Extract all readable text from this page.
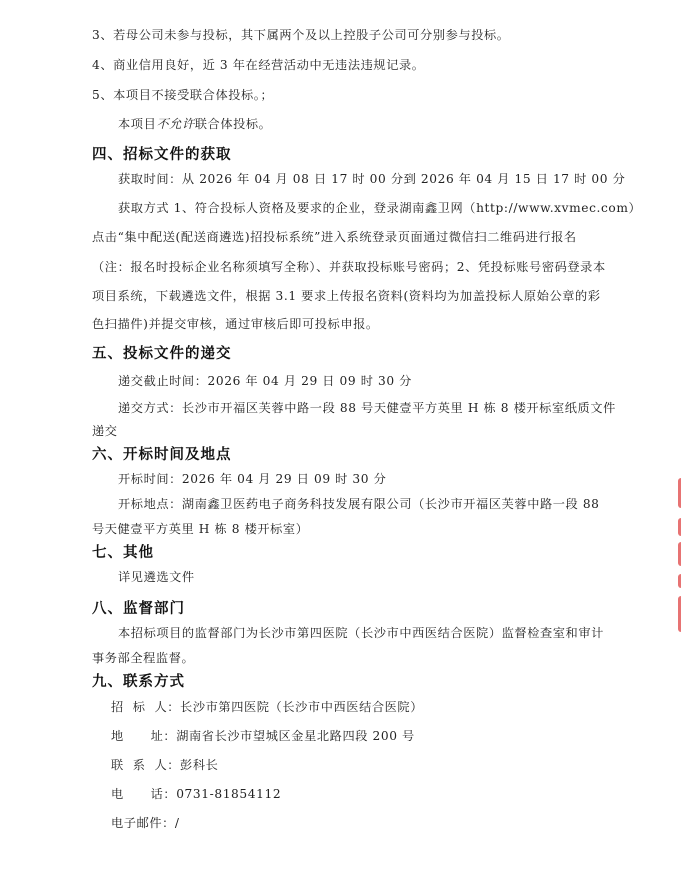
3、若母公司未参与投标，其下属两个及以上控股子公司可分别参与投标。
4、商业信用良好，近 3 年在经营活动中无违法违规记录。
5、本项目不接受联合体投标。；
本项目不允许联合体投标。
四、招标文件的获取
获取时间：从 2026 年 04 月 08 日 17 时 00 分到 2026 年 04 月 15 日 17 时 00 分
获取方式 1、符合投标人资格及要求的企业，登录湖南鑫卫网（http://www.xvmec.com）
点击“集中配送(配送商遴选)招投标系统”进入系统登录页面通过微信扫二维码进行报名
（注：报名时投标企业名称须填写全称）、并获取投标账号密码；2、凭投标账号密码登录本
项目系统，下载遴选文件，根据 3.1 要求上传报名资料(资料均为加盖投标人原始公章的彩
色扫描件)并提交审核，通过审核后即可投标申报。
五、投标文件的递交
递交截止时间：2026 年 04 月 29 日 09 时 30 分
递交方式：长沙市开福区芙蓉中路一段 88 号天健壹平方英里 H 栋 8 楼开标室纸质文件
递交
六、开标时间及地点
开标时间：2026 年 04 月 29 日 09 时 30 分
开标地点：湖南鑫卫医药电子商务科技发展有限公司（长沙市开福区芙蓉中路一段 88
号天健壹平方英里 H 栋 8 楼开标室）
七、其他
详见遴选文件
八、监督部门
本招标项目的监督部门为长沙市第四医院（长沙市中西医结合医院）监督检查室和审计
事务部全程监督。
九、联系方式
招  标  人：长沙市第四医院（长沙市中西医结合医院）
地      址：湖南省长沙市望城区金星北路四段 200 号
联  系  人：彭科长
电      话：0731-81854112
电子邮件：/
